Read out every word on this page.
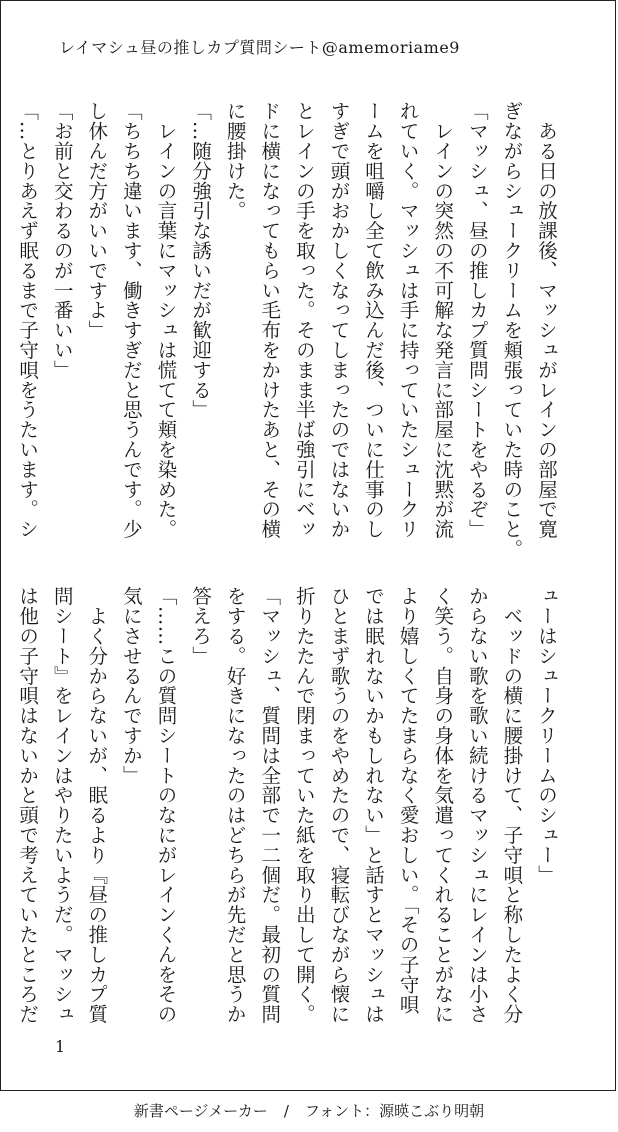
レイマシュ昼の推しカプ質問シート@amemoriame9
　ある日の放課後、マッシュがレインの部屋で寛
ぎながらシュークリームを頬張っていた時のこと。
「マッシュ、昼の推しカプ質問シートをやるぞ」
　レインの突然の不可解な発言に部屋に沈黙が流
れていく。マッシュは手に持っていたシュークリ
ームを咀嚼し全て飲み込んだ後、ついに仕事のし
すぎで頭がおかしくなってしまったのではないか
とレインの手を取った。そのまま半ば強引にベッ
ドに横になってもらい毛布をかけたあと、その横
に腰掛けた。
「…随分強引な誘いだが歓迎する」
　レインの言葉にマッシュは慌てて頬を染めた。
「ちちち違います、働きすぎだと思うんです。少
し休んだ方がいいですよ」
「お前と交わるのが一番いい」
「…とりあえず眠るまで子守唄をうたいます。シ
ューはシュークリームのシュー」
　ベッドの横に腰掛けて、子守唄と称したよく分
からない歌を歌い続けるマッシュにレインは小さ
く笑う。自身の身体を気遣ってくれることがなに
より嬉しくてたまらなく愛おしい。「その子守唄
では眠れないかもしれない」と話すとマッシュは
ひとまず歌うのをやめたので、寝転びながら懐に
折りたたんで閉まっていた紙を取り出して開く。
「マッシュ、質問は全部で一二個だ。最初の質問
をする。好きになったのはどちらが先だと思うか
答えろ」
「……この質問シートのなにがレインくんをその
気にさせるんですか」
　よく分からないが、眠るより『昼の推しカプ質
問シート』をレインはやりたいようだ。マッシュ
は他の子守唄はないかと頭で考えていたところだ
1
新書ページメーカー / フォント：源暎こぶり明朝
